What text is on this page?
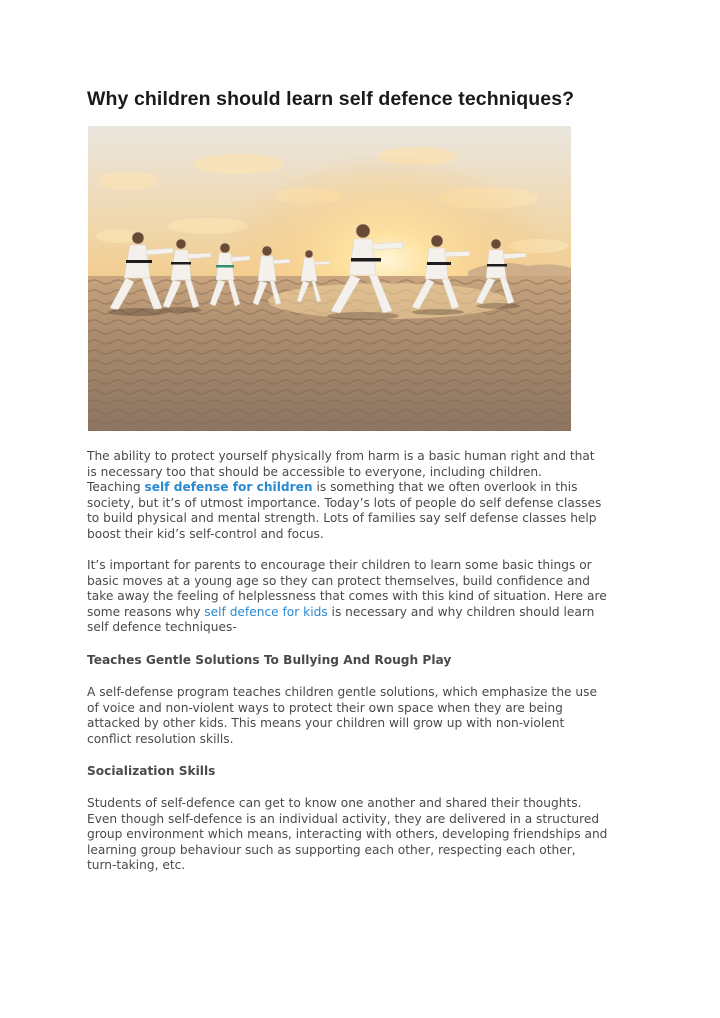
Why children should learn self defence techniques?
The ability to protect yourself physically from harm is a basic human right and that
is necessary too that should be accessible to everyone, including children.
Teaching self defense for children is something that we often overlook in this
society, but it’s of utmost importance. Today’s lots of people do self defense classes
to build physical and mental strength. Lots of families say self defense classes help
boost their kid’s self-control and focus.
It’s important for parents to encourage their children to learn some basic things or
basic moves at a young age so they can protect themselves, build confidence and
take away the feeling of helplessness that comes with this kind of situation. Here are
some reasons why self defence for kids is necessary and why children should learn
self defence techniques-
Teaches Gentle Solutions To Bullying And Rough Play
A self-defense program teaches children gentle solutions, which emphasize the use
of voice and non-violent ways to protect their own space when they are being
attacked by other kids. This means your children will grow up with non-violent
conflict resolution skills.
Socialization Skills
Students of self-defence can get to know one another and shared their thoughts.
Even though self-defence is an individual activity, they are delivered in a structured
group environment which means, interacting with others, developing friendships and
learning group behaviour such as supporting each other, respecting each other,
turn-taking, etc.
